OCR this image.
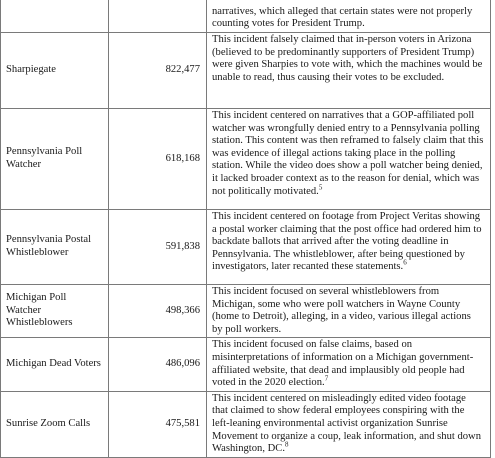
		narratives, which alleged that certain states were not properly counting votes for President Trump.
Sharpiegate	822,477	This incident falsely claimed that in-person voters in Arizona (believed to be predominantly supporters of President Trump) were given Sharpies to vote with, which the machines would be unable to read, thus causing their votes to be excluded.
Pennsylvania Poll Watcher	618,168	This incident centered on narratives that a GOP-affiliated poll watcher was wrongfully denied entry to a Pennsylvania polling station. This content was then reframed to falsely claim that this was evidence of illegal actions taking place in the polling station. While the video does show a poll watcher being denied, it lacked broader context as to the reason for denial, which was not politically motivated.$^5$
Pennsylvania Postal Whistleblower	591,838	This incident centered on footage from Project Veritas showing a postal worker claiming that the post office had ordered him to backdate ballots that arrived after the voting deadline in Pennsylvania. The whistleblower, after being questioned by investigators, later recanted these statements.$^6$
Michigan Poll Watcher Whistleblowers	498,366	This incident focused on several whistleblowers from Michigan, some who were poll watchers in Wayne County (home to Detroit), alleging, in a video, various illegal actions by poll workers.
Michigan Dead Voters	486,096	This incident focused on false claims, based on misinterpretations of information on a Michigan government-affiliated website, that dead and implausibly old people had voted in the 2020 election.$^7$
Sunrise Zoom Calls	475,581	This incident centered on misleadingly edited video footage that claimed to show federal employees conspiring with the left-leaning environmental activist organization Sunrise Movement to organize a coup, leak information, and shut down Washington, DC.$^8$
